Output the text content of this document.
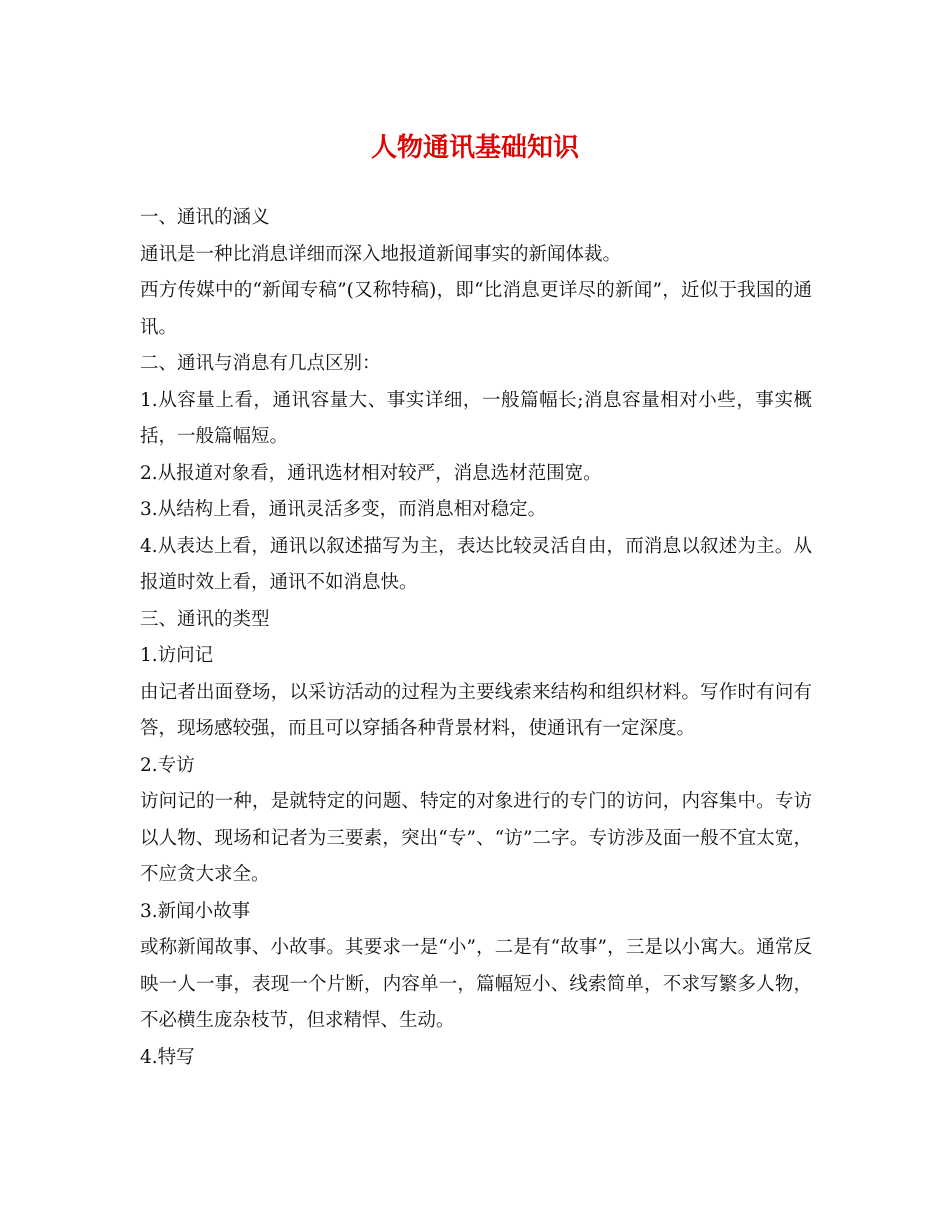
人物通讯基础知识

一、通讯的涵义

通讯是一种比消息详细而深入地报道新闻事实的新闻体裁。

西方传媒中的“新闻专稿”(又称特稿)，即“比消息更详尽的新闻”，近似于我国的通讯。

二、通讯与消息有几点区别：

1.从容量上看，通讯容量大、事实详细，一般篇幅长;消息容量相对小些，事实概括，一般篇幅短。

2.从报道对象看，通讯选材相对较严，消息选材范围宽。

3.从结构上看，通讯灵活多变，而消息相对稳定。

4.从表达上看，通讯以叙述描写为主，表达比较灵活自由，而消息以叙述为主。从报道时效上看，通讯不如消息快。

三、通讯的类型

1.访问记

由记者出面登场，以采访活动的过程为主要线索来结构和组织材料。写作时有问有答，现场感较强，而且可以穿插各种背景材料，使通讯有一定深度。

2.专访

访问记的一种，是就特定的问题、特定的对象进行的专门的访问，内容集中。专访以人物、现场和记者为三要素，突出“专”、“访”二字。专访涉及面一般不宜太宽，不应贪大求全。

3.新闻小故事

或称新闻故事、小故事。其要求一是“小”，二是有“故事”，三是以小寓大。通常反映一人一事，表现一个片断，内容单一，篇幅短小、线索简单，不求写繁多人物，不必横生庞杂枝节，但求精悍、生动。

4.特写
